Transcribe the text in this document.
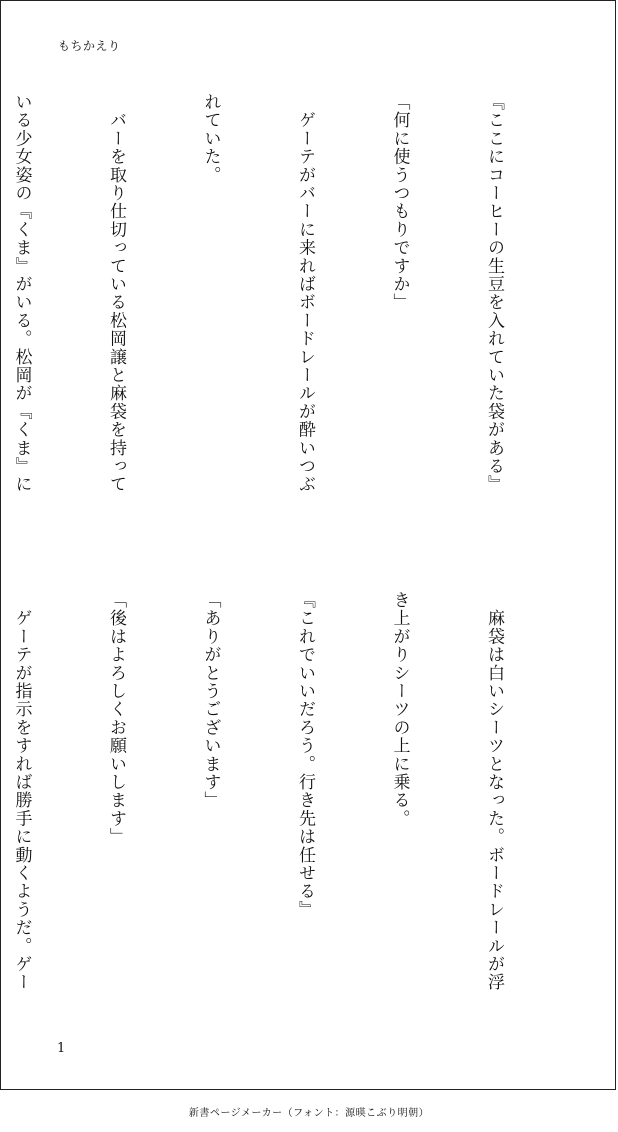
もちかえり

『ここにコーヒーの生豆を入れていた袋がある』

「何に使うつもりですか」

　ゲーテがバーに来ればボードレールが酔いつぶ

れていた。

　バーを取り仕切っている松岡譲と麻袋を持って

いる少女姿の『くま』がいる。松岡が『くま』に

　麻袋は白いシーツとなった。ボードレールが浮

き上がりシーツの上に乗る。

『これでいいだろう。行き先は任せる』

「ありがとうございます」

「後はよろしくお願いします」

　ゲーテが指示をすれば勝手に動くようだ。ゲー

1
新書ページメーカー（フォント：源暎こぶり明朝）
